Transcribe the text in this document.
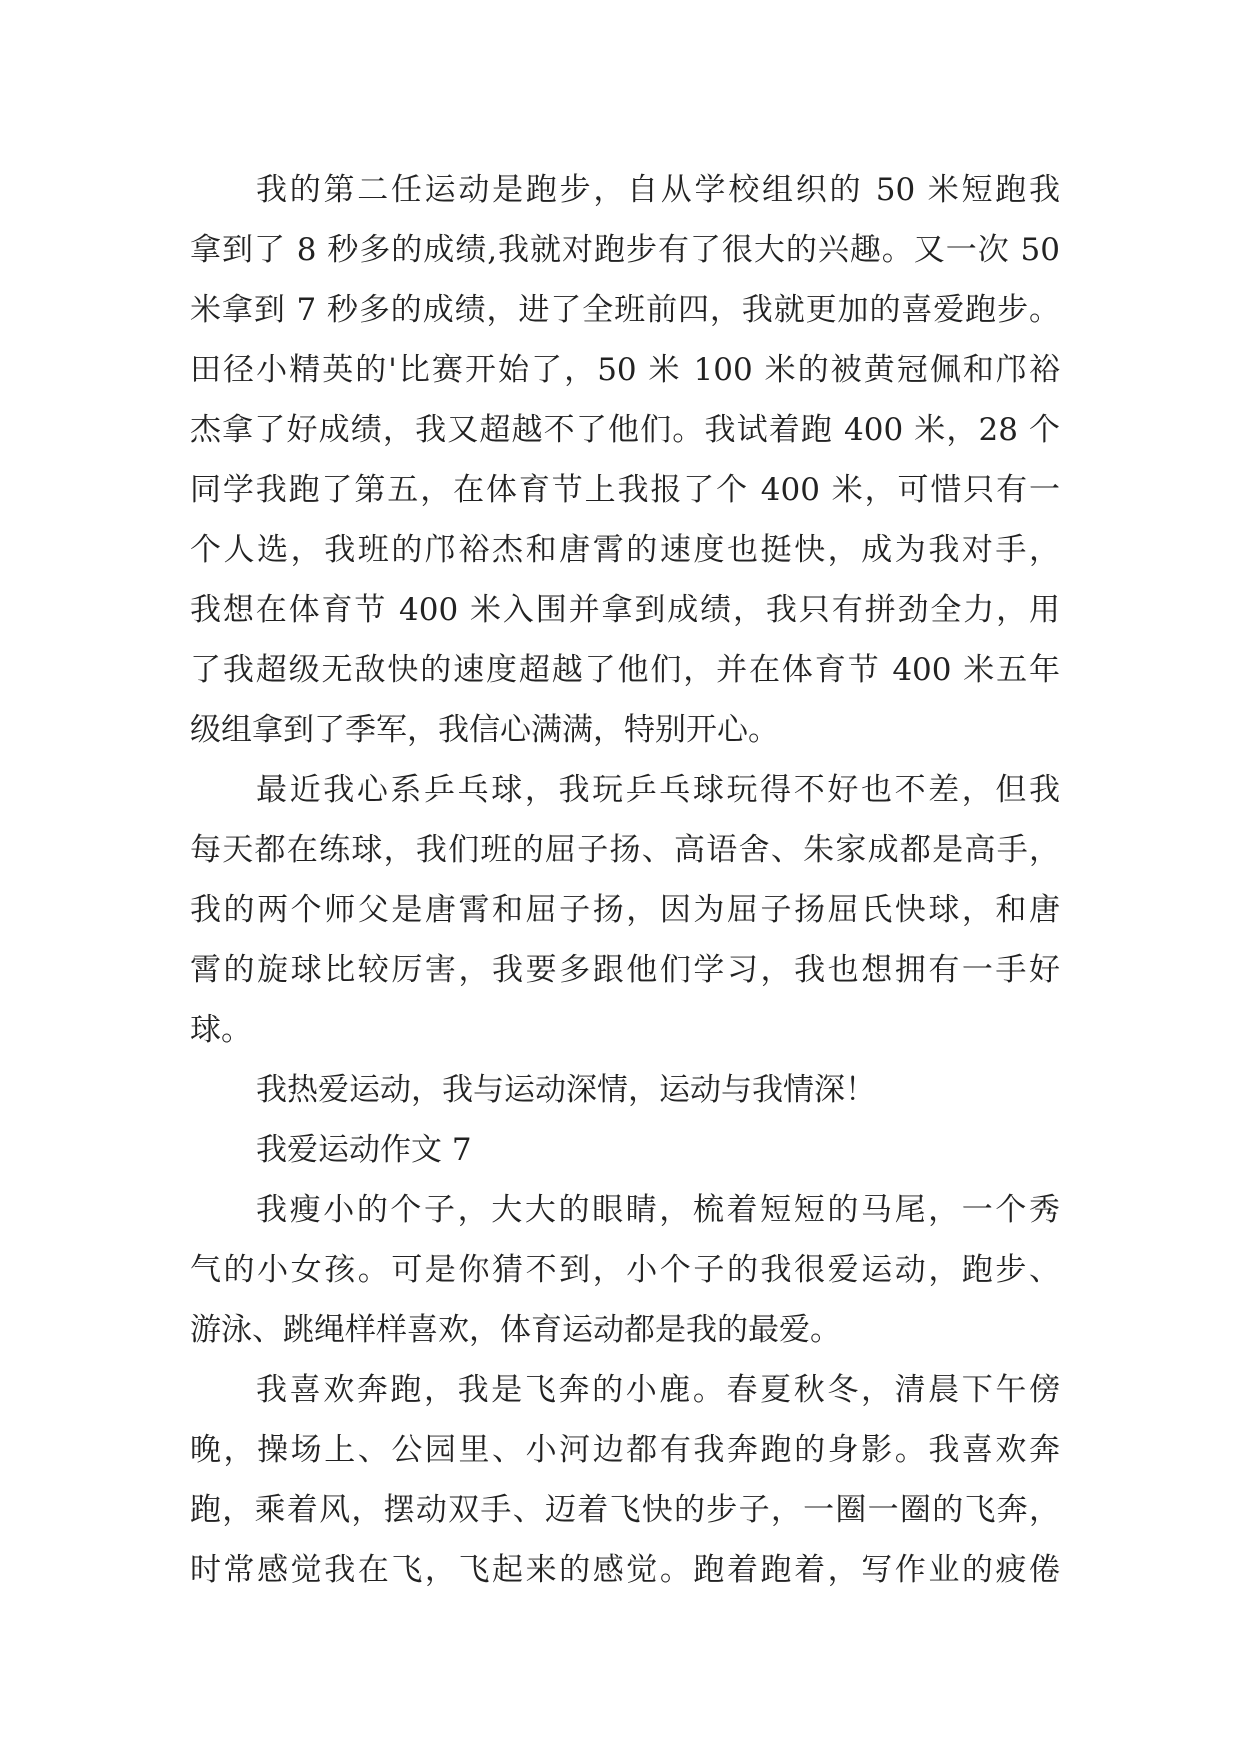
我的第二任运动是跑步，自从学校组织的 50 米短跑我
拿到了 8 秒多的成绩,我就对跑步有了很大的兴趣。又一次 50
米拿到 7 秒多的成绩，进了全班前四，我就更加的喜爱跑步。
田径小精英的'比赛开始了，50 米 100 米的被黄冠佩和邝裕
杰拿了好成绩，我又超越不了他们。我试着跑 400 米，28 个
同学我跑了第五，在体育节上我报了个 400 米，可惜只有一
个人选，我班的邝裕杰和唐霄的速度也挺快，成为我对手，
我想在体育节 400 米入围并拿到成绩，我只有拼劲全力，用
了我超级无敌快的速度超越了他们，并在体育节 400 米五年
级组拿到了季军，我信心满满，特别开心。
最近我心系乒乓球，我玩乒乓球玩得不好也不差，但我
每天都在练球，我们班的屈子扬、高语舍、朱家成都是高手，
我的两个师父是唐霄和屈子扬，因为屈子扬屈氏快球，和唐
霄的旋球比较厉害，我要多跟他们学习，我也想拥有一手好
球。
我热爱运动，我与运动深情，运动与我情深！
我爱运动作文 7
我瘦小的个子，大大的眼睛，梳着短短的马尾，一个秀
气的小女孩。可是你猜不到，小个子的我很爱运动，跑步、
游泳、跳绳样样喜欢，体育运动都是我的最爱。
我喜欢奔跑，我是飞奔的小鹿。春夏秋冬，清晨下午傍
晚，操场上、公园里、小河边都有我奔跑的身影。我喜欢奔
跑，乘着风，摆动双手、迈着飞快的步子，一圈一圈的飞奔，
时常感觉我在飞，飞起来的感觉。跑着跑着，写作业的疲倦
